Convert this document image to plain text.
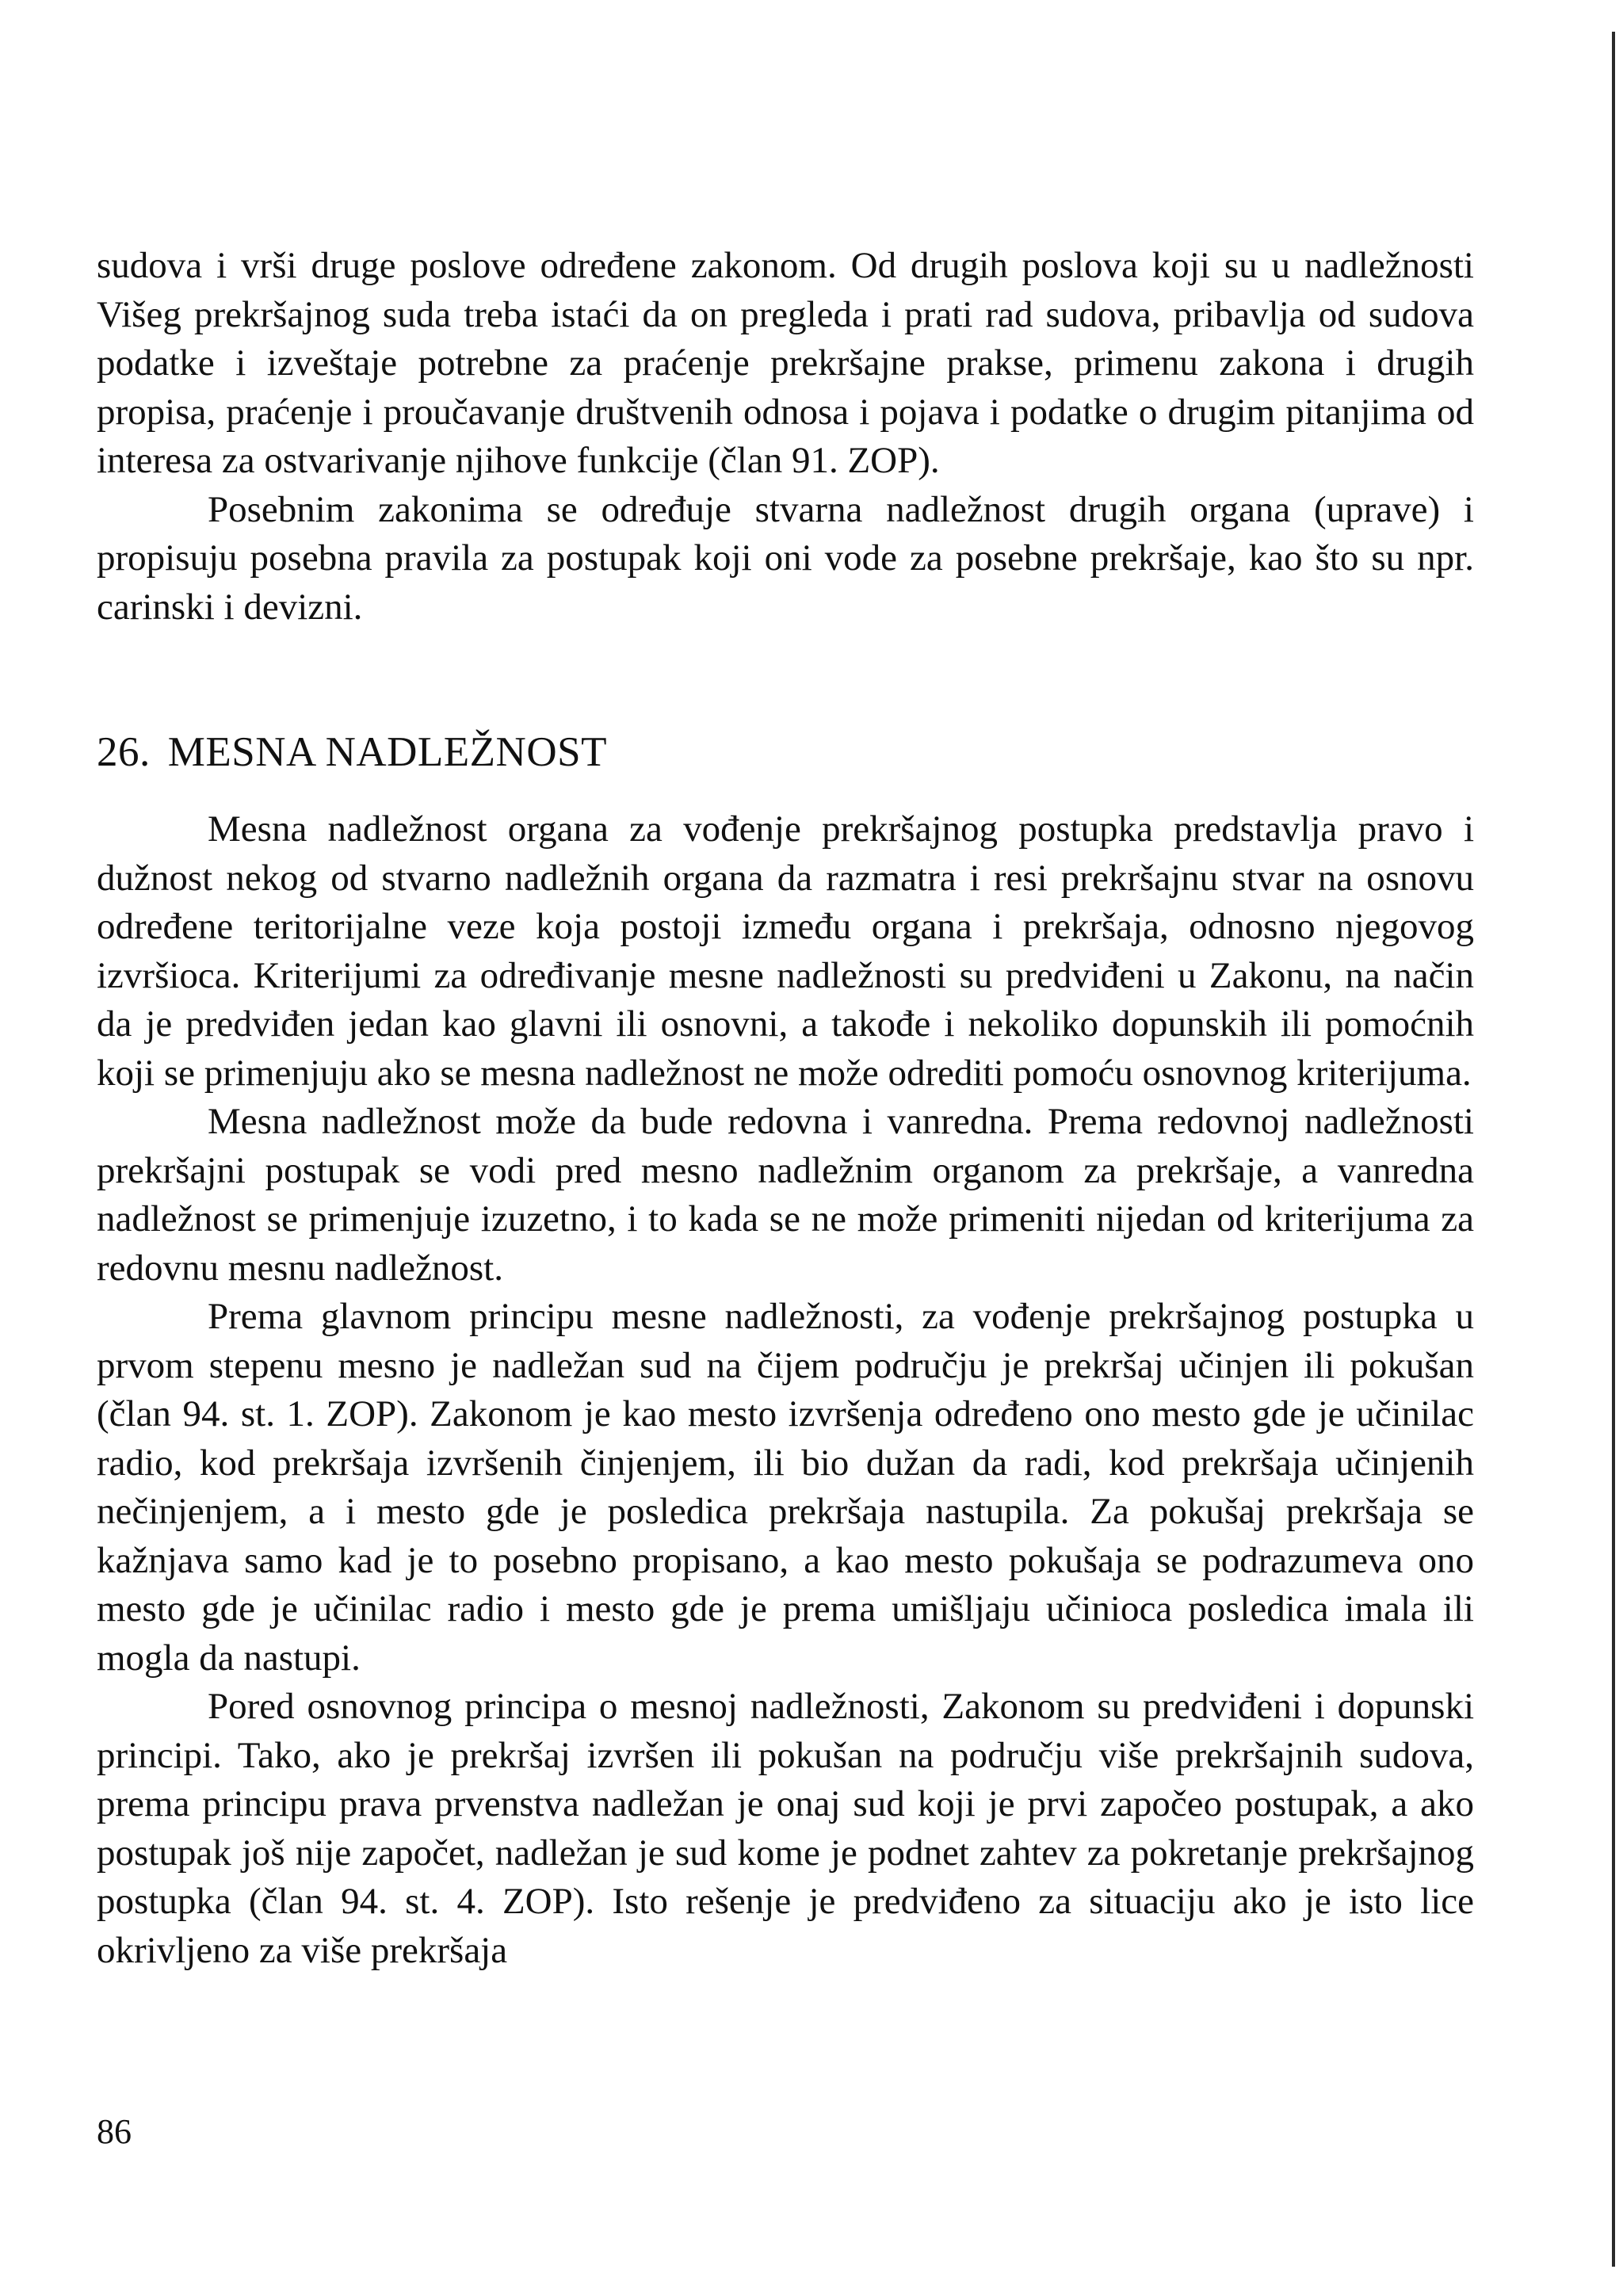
sudova i vrši druge poslove određene zakonom. Od drugih poslova koji su u nadležnosti Višeg prekršajnog suda treba istaći da on pregleda i prati rad sudova, pribavlja od sudova podatke i izveštaje potrebne za praćenje prekršajne prakse, primenu zakona i drugih propisa, praćenje i proučavanje društvenih odnosa i pojava i podatke o drugim pitanjima od interesa za ostvarivanje njihove funkcije (član 91. ZOP).

Posebnim zakonima se određuje stvarna nadležnost drugih organa (uprave) i propisuju posebna pravila za postupak koji oni vode za posebne prekršaje, kao što su npr. carinski i devizni.

26. MESNA NADLEŽNOST

Mesna nadležnost organa za vođenje prekršajnog postupka predstavlja pravo i dužnost nekog od stvarno nadležnih organa da razmatra i resi prekršajnu stvar na osnovu određene teritorijalne veze koja postoji između organa i prekršaja, odnosno njegovog izvršioca. Kriterijumi za određivanje mesne nadležnosti su predviđeni u Zakonu, na način da je predviđen jedan kao glavni ili osnovni, a takođe i nekoliko dopunskih ili pomoćnih koji se primenjuju ako se mesna nadležnost ne može odrediti pomoću osnovnog kriterijuma.

Mesna nadležnost može da bude redovna i vanredna. Prema redovnoj nadležnosti prekršajni postupak se vodi pred mesno nadležnim organom za prekršaje, a vanredna nadležnost se primenjuje izuzetno, i to kada se ne može primeniti nijedan od kriterijuma za redovnu mesnu nadležnost.

Prema glavnom principu mesne nadležnosti, za vođenje prekršajnog postupka u prvom stepenu mesno je nadležan sud na čijem području je prekršaj učinjen ili pokušan (član 94. st. 1. ZOP). Zakonom je kao mesto izvršenja određeno ono mesto gde je učinilac radio, kod prekršaja izvršenih činjenjem, ili bio dužan da radi, kod prekršaja učinjenih nečinjenjem, a i mesto gde je posledica prekršaja nastupila. Za pokušaj prekršaja se kažnjava samo kad je to posebno propisano, a kao mesto pokušaja se podrazumeva ono mesto gde je učinilac radio i mesto gde je prema umišljaju učinioca posledica imala ili mogla da nastupi.

Pored osnovnog principa o mesnoj nadležnosti, Zakonom su predviđeni i dopunski principi. Tako, ako je prekršaj izvršen ili pokušan na području više prekršajnih sudova, prema principu prava prvenstva nadležan je onaj sud koji je prvi započeo postupak, a ako postupak još nije započet, nadležan je sud kome je podnet zahtev za pokretanje prekršajnog postupka (član 94. st. 4. ZOP). Isto rešenje je predviđeno za situaciju ako je isto lice okrivljeno za više prekršaja

86
